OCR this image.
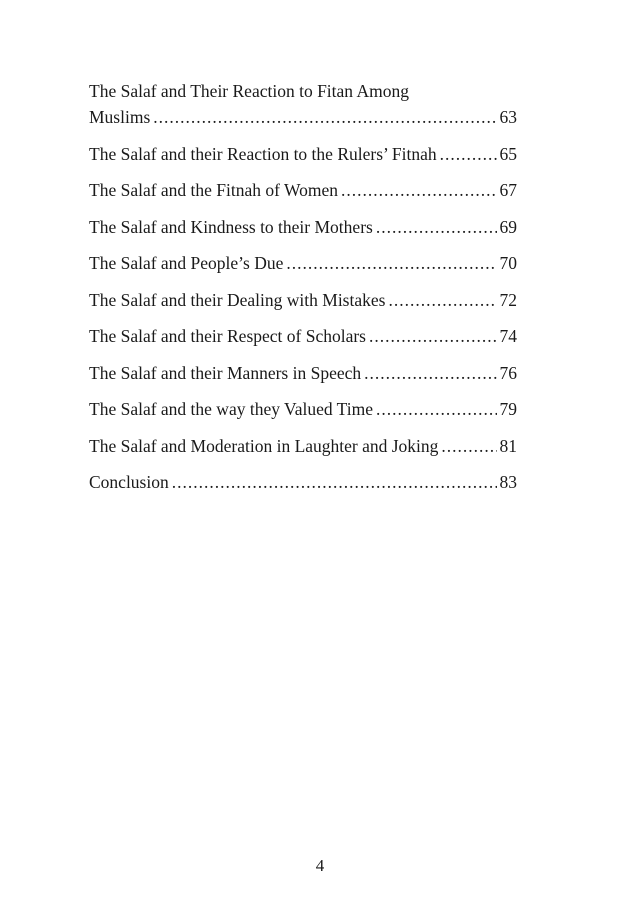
The Salaf and Their Reaction to Fitan Among
Muslims .....	63
The Salaf and their Reaction to the Rulers’ Fitnah .....	65
The Salaf and the Fitnah of Women .....	67
The Salaf and Kindness to their Mothers .....	69
The Salaf and People’s Due .....	70
The Salaf and their Dealing with Mistakes .....	72
The Salaf and their Respect of Scholars .....	74
The Salaf and their Manners in Speech .....	76
The Salaf and the way they Valued Time .....	79
The Salaf and Moderation in Laughter and Joking .....	81
Conclusion .....	83
4
